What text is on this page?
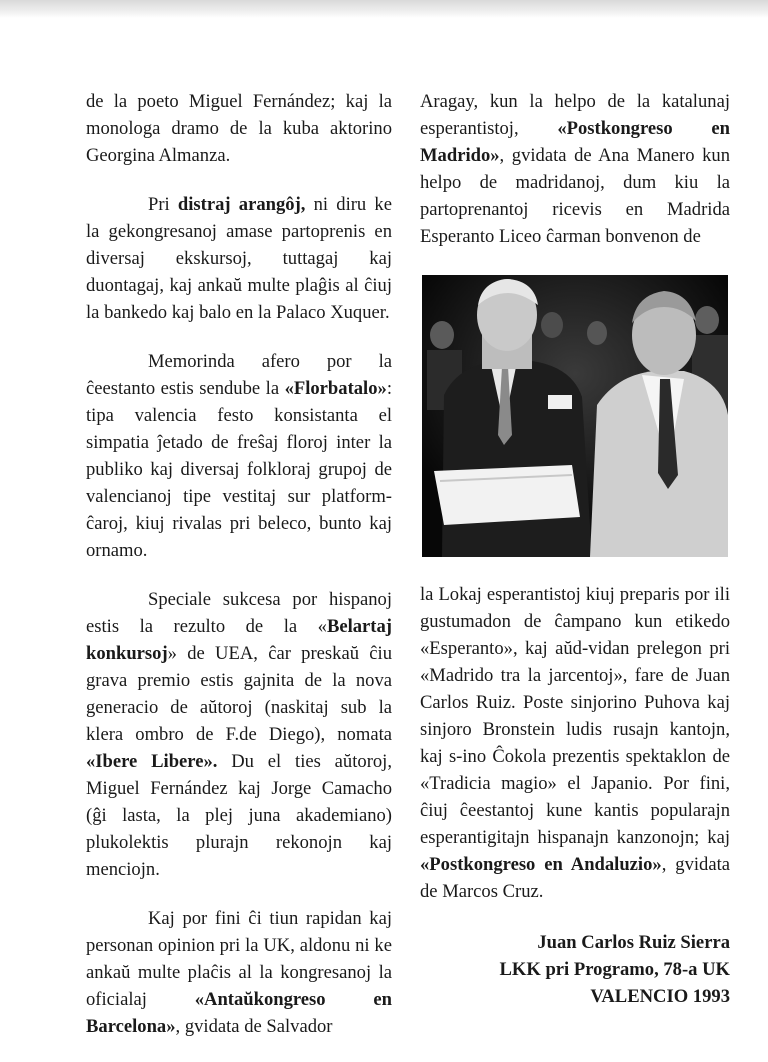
de la poeto Miguel Fernández; kaj la monologa dramo de la kuba aktorino Georgina Almanza.

Pri distraj arangôj, ni diru ke la gekongresanoj amase partoprenis en diversaj ekskursoj, tuttagaj kaj duontagaj, kaj ankaŭ multe plaĝis al ĉiuj la bankedo kaj balo en la Palaco Xuquer.

Memorinda afero por la ĉeestanto estis sendube la «Florbatalo»: tipa valencia festo konsistanta el simpatia ĵetado de freŝaj floroj inter la publiko kaj diversaj folkloraj grupoj de valencianoj tipe vestitaj sur platform-ĉaroj, kiuj rivalas pri beleco, bunto kaj ornamo.

Speciale sukcesa por hispanoj estis la rezulto de la «Belartaj konkursoj» de UEA, ĉar preskaŭ ĉiu grava premio estis gajnita de la nova generacio de aŭtoroj (naskitaj sub la klera ombro de F.de Diego), nomata «Ibere Libere». Du el ties aŭtoroj, Miguel Fernández kaj Jorge Camacho (ĝi lasta, la plej juna akademiano) plukolektis plurajn rekonojn kaj menciojn.

Kaj por fini ĉi tiun rapidan kaj personan opinion pri la UK, aldonu ni ke ankaŭ multe plaĉis al la kongresanoj la oficialaj «Antaŭkongreso en Barcelona», gvidata de Salvador

Aragay, kun la helpo de la katalunaj esperantistoj, «Postkongreso en Madrido», gvidata de Ana Manero kun helpo de madridanoj, dum kiu la partoprenantoj ricevis en Madrida Esperanto Liceo ĉarman bonvenon de

la Lokaj esperantistoj kiuj preparis por ili gustumadon de ĉampano kun etikedo «Esperanto», kaj aŭd-vidan prelegon pri «Madrido tra la jarcentoj», fare de Juan Carlos Ruiz. Poste sinjorino Puhova kaj sinjoro Bronstein ludis rusajn kantojn, kaj s-ino Ĉokola prezentis spektaklon de «Tradicia magio» el Japanio. Por fini, ĉiuj ĉeestantoj kune kantis popularajn esperantigitajn hispanajn kanzonojn; kaj «Postkongreso en Andaluzio», gvidata de Marcos Cruz.

Juan Carlos Ruiz Sierra
LKK pri Programo, 78-a UK
VALENCIO 1993
